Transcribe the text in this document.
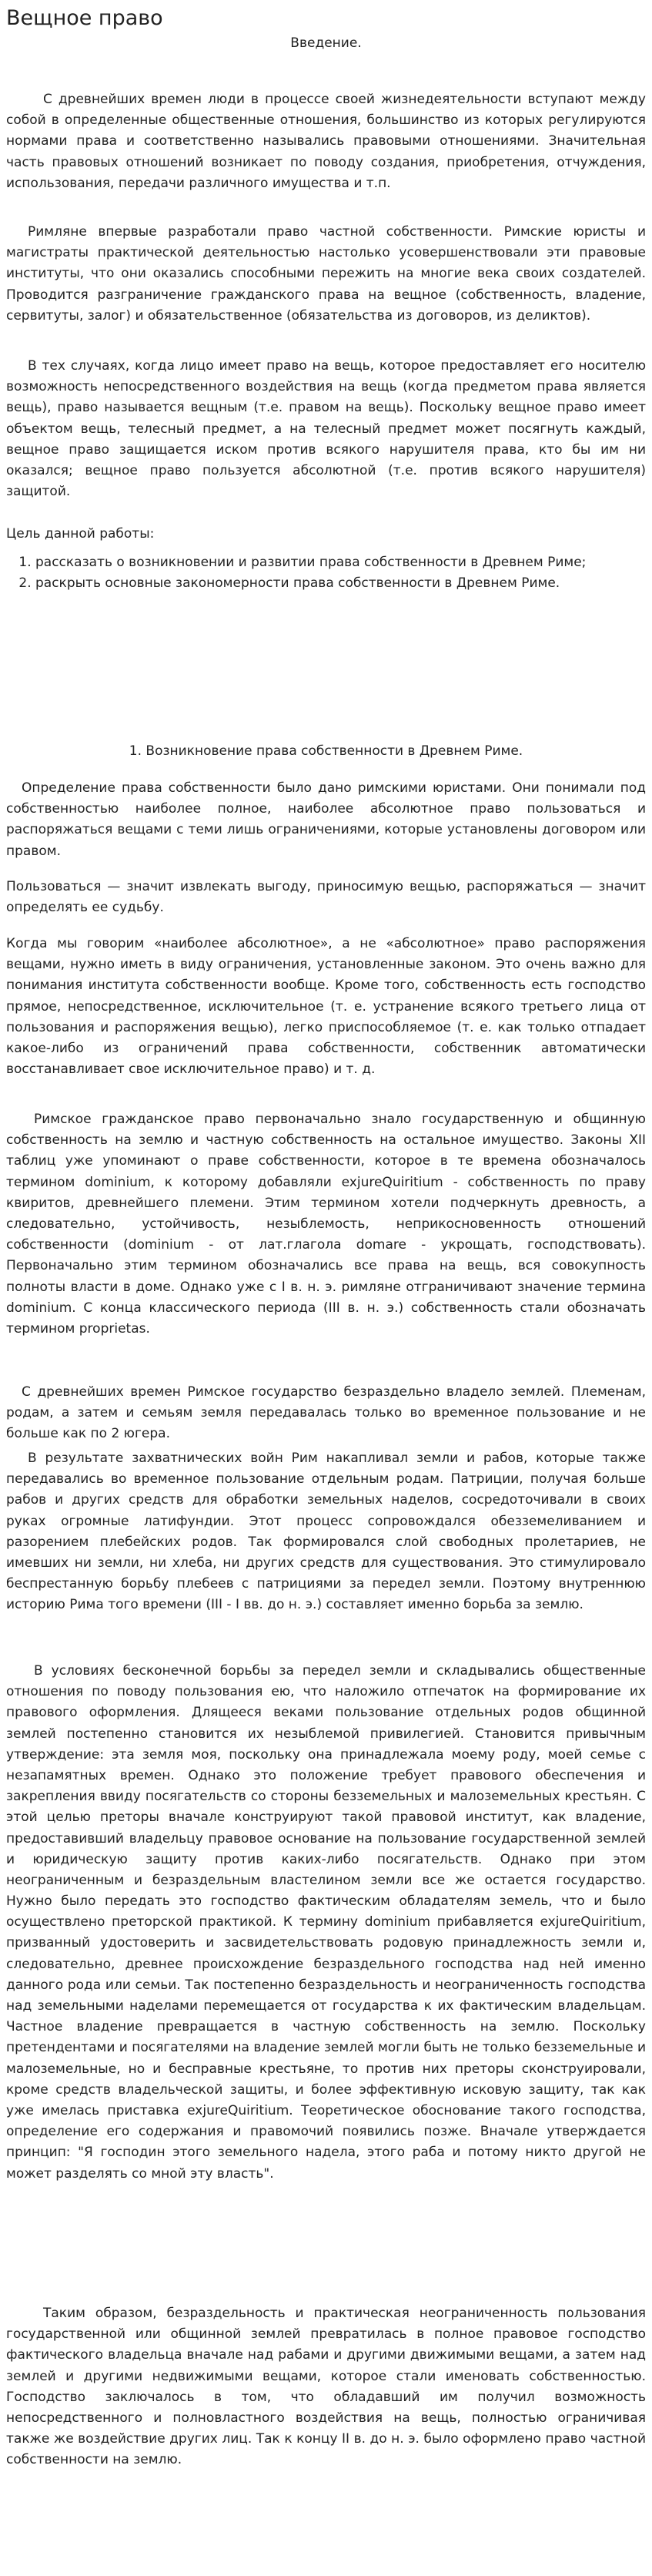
Вещное право
Введение.

С древнейших времен люди в процессе своей жизнедеятельности вступают между собой в определенные общественные отношения, большинство из которых регулируются нормами права и соответственно назывались правовыми отношениями. Значительная часть правовых отношений возникает по поводу создания, приобретения, отчуждения, использования, передачи различного имущества и т.п.

Римляне впервые разработали право частной собственности. Римские юристы и магистраты практической деятельностью настолько усовершенствовали эти правовые институты, что они оказались способными пережить на многие века своих создателей. Проводится разграничение гражданского права на вещное (собственность, владение, сервитуты, залог) и обязательственное (обязательства из договоров, из деликтов).

В тех случаях, когда лицо имеет право на вещь, которое предоставляет его носителю возможность непосредственного воздействия на вещь (когда предметом права является вещь), право называется вещным (т.е. правом на вещь). Поскольку вещное право имеет объектом вещь, телесный предмет, а на телесный предмет может посягнуть каждый, вещное право защищается иском против всякого нарушителя права, кто бы им ни оказался; вещное право пользуется абсолютной (т.е. против всякого нарушителя) защитой.

Цель данной работы:

1. рассказать о возникновении и развитии права собственности в Древнем Риме;
2. раскрыть основные закономерности права собственности в Древнем Риме.
1. Возникновение права собственности в Древнем Риме.

Определение права собственности было дано римскими юристами. Они понимали под собственностью наиболее полное, наиболее абсолютное право пользоваться и распоряжаться вещами с теми лишь ограничениями, которые установлены договором или правом.

Пользоваться — значит извлекать выгоду, приносимую вещью, распоряжаться — значит определять ее судьбу.

Когда мы говорим «наиболее абсолютное», а не «абсолютное» право распоряжения вещами, нужно иметь в виду ограничения, установленные законом. Это очень важно для понимания института собственности вообще. Кроме того, собственность есть господство прямое, непосредственное, исключительное (т. е. устранение всякого третьего лица от пользования и распоряжения вещью), легко приспособляемое (т. е. как только отпадает какое-либо из ограничений права собственности, собственник автоматически восстанавливает свое исключительное право) и т. д.

Римское гражданское право первоначально знало государственную и общинную собственность на землю и частную собственность на остальное имущество. Законы XII таблиц уже упоминают о праве собственности, которое в те времена обозначалось термином dominium, к которому добавляли exjureQuiritium - собственность по праву квиритов, древнейшего племени. Этим термином хотели подчеркнуть древность, а следовательно, устойчивость, незыблемость, неприкосновенность отношений собственности (dominium - от лат.глагола domare - укрощать, господствовать). Первоначально этим термином обозначались все права на вещь, вся совокупность полноты власти в доме. Однако уже с I в. н. э. римляне отграничивают значение термина dominium. С конца классического периода (III в. н. э.) собственность стали обозначать термином proprietas.

С древнейших времен Римское государство безраздельно владело землей. Племенам, родам, а затем и семьям земля передавалась только во временное пользование и не больше как по 2 югера.

В результате захватнических войн Рим накапливал земли и рабов, которые также передавались во временное пользование отдельным родам. Патриции, получая больше рабов и других средств для обработки земельных наделов, сосредоточивали в своих руках огромные латифундии. Этот процесс сопровождался обезземеливанием и разорением плебейских родов. Так формировался слой свободных пролетариев, не имевших ни земли, ни хлеба, ни других средств для существования. Это стимулировало беспрестанную борьбу плебеев с патрициями за передел земли. Поэтому внутреннюю историю Рима того времени (III - I вв. до н. э.) составляет именно борьба за землю.

В условиях бесконечной борьбы за передел земли и складывались общественные отношения по поводу пользования ею, что наложило отпечаток на формирование их правового оформления. Длящееся веками пользование отдельных родов общинной землей постепенно становится их незыблемой привилегией. Становится привычным утверждение: эта земля моя, поскольку она принадлежала моему роду, моей семье с незапамятных времен. Однако это положение требует правового обеспечения и закрепления ввиду посягательств со стороны безземельных и малоземельных крестьян. С этой целью преторы вначале конструируют такой правовой институт, как владение, предоставивший владельцу правовое основание на пользование государственной землей и юридическую защиту против каких-либо посягательств. Однако при этом неограниченным и безраздельным властелином земли все же остается государство. Нужно было передать это господство фактическим обладателям земель, что и было осуществлено преторской практикой. К термину dominium прибавляется exjureQuiritium, призванный удостоверить и засвидетельствовать родовую принадлежность земли и, следовательно, древнее происхождение безраздельного господства над ней именно данного рода или семьи. Так постепенно безраздельность и неограниченность господства над земельными наделами перемещается от государства к их фактическим владельцам. Частное владение превращается в частную собственность на землю. Поскольку претендентами и посягателями на владение землей могли быть не только безземельные и малоземельные, но и бесправные крестьяне, то против них преторы сконструировали, кроме средств владельческой защиты, и более эффективную исковую защиту, так как уже имелась приставка exjureQuiritium. Теоретическое обоснование такого господства, определение его содержания и правомочий появились позже. Вначале утверждается принцип: "Я господин этого земельного надела, этого раба и потому никто другой не может разделять со мной эту власть".

Таким образом, безраздельность и практическая неограниченность пользования государственной или общинной землей превратилась в полное правовое господство фактического владельца вначале над рабами и другими движимыми вещами, а затем над землей и другими недвижимыми вещами, которое стали именовать собственностью. Господство заключалось в том, что обладавший им получил возможность непосредственного и полновластного воздействия на вещь, полностью ограничивая также же воздействие других лиц. Так к концу II в. до н. э. было оформлено право частной собственности на землю.
